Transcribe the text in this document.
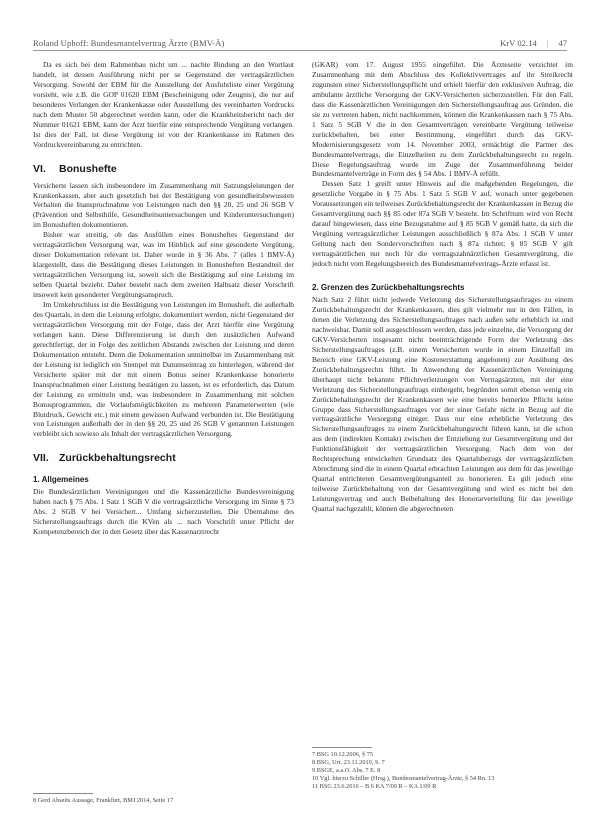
Roland Uphoff: Bundesmantelvertrag Ärzte (BMV-Ä)	KrV 02.14 | 47

Da es sich bei dem Rahmenbau nicht um ... nachte Bindung an den Wortlaut handelt, ist dessen Ausführung nicht per se Gegenstand der vertragsärztlichen Versorgung. Sowohl der EBM für die Ausstellung der Ausfuhrliste einer Vergütung vorsieht, wie z.B. die GOP 01620 EBM (Bescheinigung oder Zeugnis), die nur auf besonderes Verlangen der Krankenkasse oder Ausstellung des vereinbarten Vordrucks nach dem Muster 50 abgerechnet werden kann, oder die Krankheitsbericht nach der Nummer 01621 EBM, kann der Arzt hierfür eine entsprechende Vergütung verlangen. Ist dies der Fall, ist diese Vergütung ist von der Krankenkasse im Rahmen des Vordruckvereinbarung zu entrichten.

VI. Bonushefte

Versicherte lassen sich insbesondere im Zusammenhang mit Satzungsleistungen der Krankenkassen, aber auch gesetzlich bei der Bestätigung von gesundheitsbewussten Verhalten die Inanspruchnahme von Leistungen nach den §§ 20, 25 und 26 SGB V (Prävention und Selbsthilfe, Gesundheitsuntersuchungen und Kinderuntersuchungen) im Bonusheften dokumentieren.

Bisher war streitig, ob das Ausfüllen eines Bonusheftes Gegenstand der vertragsärztlichen Versorgung war, was im Hinblick auf eine gesonderte Vergütung, dieser Dokumentation relevant ist. Daher wurde in § 36 Abs. 7 (alles 1 BMV-Ä) klargestellt, dass die Bestätigung dieses Leistungen in Bonusheften Bestandteil der vertragsärztlichen Versorgung ist, soweit sich die Bestätigung auf eine Leistung im selben Quartal bezieht. Daher besteht nach dem zweiten Halbsatz dieser Vorschrift insoweit kein gesonderter Vergütungsanspruch.

Im Umkehrschluss ist die Bestätigung von Leistungen im Bonusheft, die außerhalb des Quartals, in dem die Leistung erfolgte, dokumentiert werden, nicht Gegenstand der vertragsärztlichen Versorgung mit der Folge, dass der Arzt hierfür eine Vergütung verlangen kann. Diese Differenzierung ist durch den zusätzlichen Aufwand gerechtfertigt, der in Folge des zeitlichen Abstands zwischen der Leistung und deren Dokumentation entsteht. Denn die Dokumentation unmittelbar im Zusammenhang mit der Leistung ist lediglich ein Stempel mit Datumseintrag zu hinterlegen, während der Versicherte später mit der mit einem Bonus seiner Krankenkasse honorierte Inanspruchnahmen einer Leistung bestätigen zu lassen, ist es erforderlich, das Datum der Leistung zu ermitteln und, was insbesondere in Zusammenhang mit solchen Bonusprogrammen, die Vorlaufsmöglichkeiten zu mehreren Parameterwerten (wie Blutdruck, Gewicht etc.) mit einem gewissen Aufwand verbunden ist. Die Bestätigung von Leistungen außerhalb der in den §§ 20, 25 und 26 SGB V genannten Leistungen verbleibt sich sowieso als Inhalt der vertragsärztlichen Versorgung.

VII. Zurückbehaltungsrecht
1. Allgemeines

Die Bundesärztlichen Vereinigungen und die Kassenärztliche Bundesvereinigung haben nach § 75 Abs. 1 Satz 1 SGB V die vertragsärztliche Versorgung im Sinne § 73 Abs. 2 SGB V bei Versichert... Umfang sicherzustellen. Die Übernahme des Sicherstellungsauftrags durch die KVen als ... nach Vorschrift unter Pflicht der Kompetenzbereich der in den Gesetz über das Kassenarztrecht

8 Gerd Abseits Aussage, Frankfurt, BMJ 2014, Seite 17

(GKAR) vom 17. August 1955 eingeführt. Die Ärzteseite verzichtet im Zusammenhang mit dem Abschluss des Kollektivvertrages auf ihr Streikrecht zugunsten einer Sicherstellungspflicht und erhielt hierfür den exklusiven Auftrag, die ambulante ärztliche Versorgung der GKV-Versicherten sicherzustellen. Für den Fall, dass die Kassenärztlichen Vereinigungen den Sicherstellungsauftrag aus Gründen, die sie zu vertreten haben, nicht nachkommen, können die Krankenkassen nach § 75 Abs. 1 Satz 5 SGB V die in den Gesamtverträgen vereinbarte Vergütung teilweise zurückbehalten, bei einer Bestimmung, eingeführt durch das GKV-Modernisierungsgesetz vom 14. November 2003, ermächtigt die Partner des Bundesmantelvertrags, die Einzelheiten zu dem Zurückbehaltungsrecht zu regeln. Diese Regelungsauftrag wurde im Zuge der Zusammenführung beider Bundesmantelverträge in Form des § 54 Abs. 1 BMV-Ä erfüllt.

Dessen Satz 1 greift unter Hinweis auf die maßgebenden Regelungen, die gesetzliche Vorgabe in § 75 Abs. 1 Satz 5 SGB V auf, wonach unter gegebenen Voraussetzungen ein teilweises Zurückbehaltungsrecht der Krankenkassen in Bezug die Gesamtvergütung nach §§ 85 oder 87a SGB V besteht. Im Schrifttum wird von Recht darauf hingewiesen, dass eine Bezugsnahme auf § 85 SGB V gemäß hatte, da sich die Vergütung vertragsärztlicher Leistungen ausschließlich § 87a Abs. 1 SGB V unter Geltung nach den Sondervorschriften nach § 87a richtet; § 85 SGB V gilt vertragsärztlichen nur noch für die vertragszahnärztlichen Gesamtvergütung, die jedoch nicht vom Regelungsbereich des Bundesmantelvertrags-Ärzte erfasst ist.

2. Grenzen des Zurückbehaltungsrechts

Nach Satz 2 führt nicht jedwede Verletzung des Sicherstellungsauftrages zu einem Zurückbehaltungsrecht der Krankenkassen, dies gilt vielmehr nur in den Fällen, in denen die Verletzung des Sicherstellungsauftrages nach außen sehr erheblich ist und nachweisbar. Damit soll ausgeschlossen werden, dass jede einzelne, die Versorgung der GKV-Versicherten insgesamt nicht beeinträchtigende Form der Verletzung des Sicherstellungsauftrages (z.B. einem Versicherten wurde in einem Einzelfall im Bereich eine GKV-Leistung eine Kostenerstattung angeboten) zur Ausübung des Zurückbehaltungsrechts führt. In Anwendung der Kassenärztlichen Vereinigung überhaupt nicht bekannte Pflichtverletzungen von Vertragsärzten, mit der eine Verletzung des Sicherstellungsauftrags einhergeht, begründen somit ebenso wenig ein Zurückbehaltungsrecht der Krankenkassen wie eine bereits bemerkte Pflicht keine Gruppe dass Sicherstellungsauftrages vor der einer Gefahr nicht in Bezug auf die vertragsärztliche Versorgung einiger. Dass nur eine erhebliche Verletzung des Sicherstellungsauftrages zu einem Zurückbehaltungsrecht führen kann, ist die schon aus dem (indirekten Kontakt) zwischen der Entziehung zur Gesamtvergütung und der Funktionsfähigkeit der vertragsärztlichen Versorgung. Nach dem von der Rechtsprechung entwickelten Grundsatz des Quartalsbezugs der vertragsärztlichen Abrechnung sind die in einem Quartal erbrachten Leistungen aus dem für das jeweilige Quartal entrichteten Gesamtvergütungsanteil zu honorieren. Es gilt jedoch eine teilweise Zurückbehaltung von der Gesamtvergütung und wird es nicht bei den Leistungsvertrag und auch Beibehaltung des Honorarverteilung für das jeweilige Quartal nachgezahlt, können die abgerechneten

7 BSG 10.12.2006, § 75

8 BSG, Urt. 23.11.2010, S. 7

9 BSGE, a.a.O. Abs. 7 E. 8

10 Vgl. hierzu Schiller (Hrsg.), Bundesmantelvertrag-Ärzte, § 54 Rn. 13

11 BSG 23.6.2010 – B 6 KA 7/09 R – KA 1/09 R
